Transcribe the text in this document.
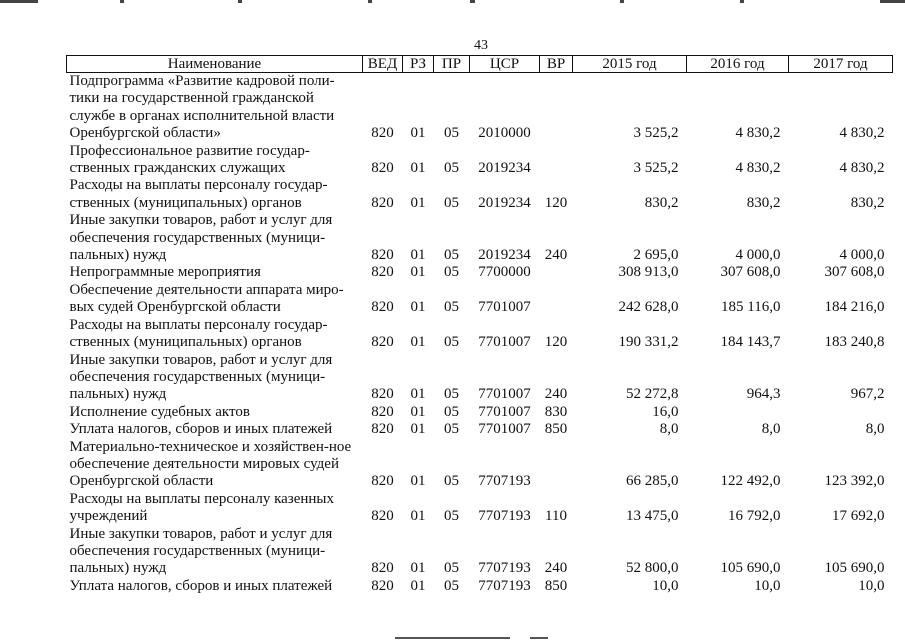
43
Наименование	ВЕД	РЗ	ПР	ЦСР	ВР	2015 год	2016 год	2017 год
Подпрограмма «Развитие кадровой поли-тики на государственной гражданской службе в органах исполнительной власти Оренбургской области»	820	01	05	2010000		3 525,2	4 830,2	4 830,2
Профессиональное развитие государ-ственных гражданских служащих	820	01	05	2019234		3 525,2	4 830,2	4 830,2
Расходы на выплаты персоналу государ-ственных (муниципальных) органов	820	01	05	2019234	120	830,2	830,2	830,2
Иные закупки товаров, работ и услуг для обеспечения государственных (муници-пальных) нужд	820	01	05	2019234	240	2 695,0	4 000,0	4 000,0
Непрограммные мероприятия	820	01	05	7700000		308 913,0	307 608,0	307 608,0
Обеспечение деятельности аппарата миро-вых судей Оренбургской области	820	01	05	7701007		242 628,0	185 116,0	184 216,0
Расходы на выплаты персоналу государ-ственных (муниципальных) органов	820	01	05	7701007	120	190 331,2	184 143,7	183 240,8
Иные закупки товаров, работ и услуг для обеспечения государственных (муници-пальных) нужд	820	01	05	7701007	240	52 272,8	964,3	967,2
Исполнение судебных актов	820	01	05	7701007	830	16,0		
Уплата налогов, сборов и иных платежей	820	01	05	7701007	850	8,0	8,0	8,0
Материально-техническое и хозяйствен-ное обеспечение деятельности мировых судей Оренбургской области	820	01	05	7707193		66 285,0	122 492,0	123 392,0
Расходы на выплаты персоналу казенных учреждений	820	01	05	7707193	110	13 475,0	16 792,0	17 692,0
Иные закупки товаров, работ и услуг для обеспечения государственных (муници-пальных) нужд	820	01	05	7707193	240	52 800,0	105 690,0	105 690,0
Уплата налогов, сборов и иных платежей	820	01	05	7707193	850	10,0	10,0	10,0
